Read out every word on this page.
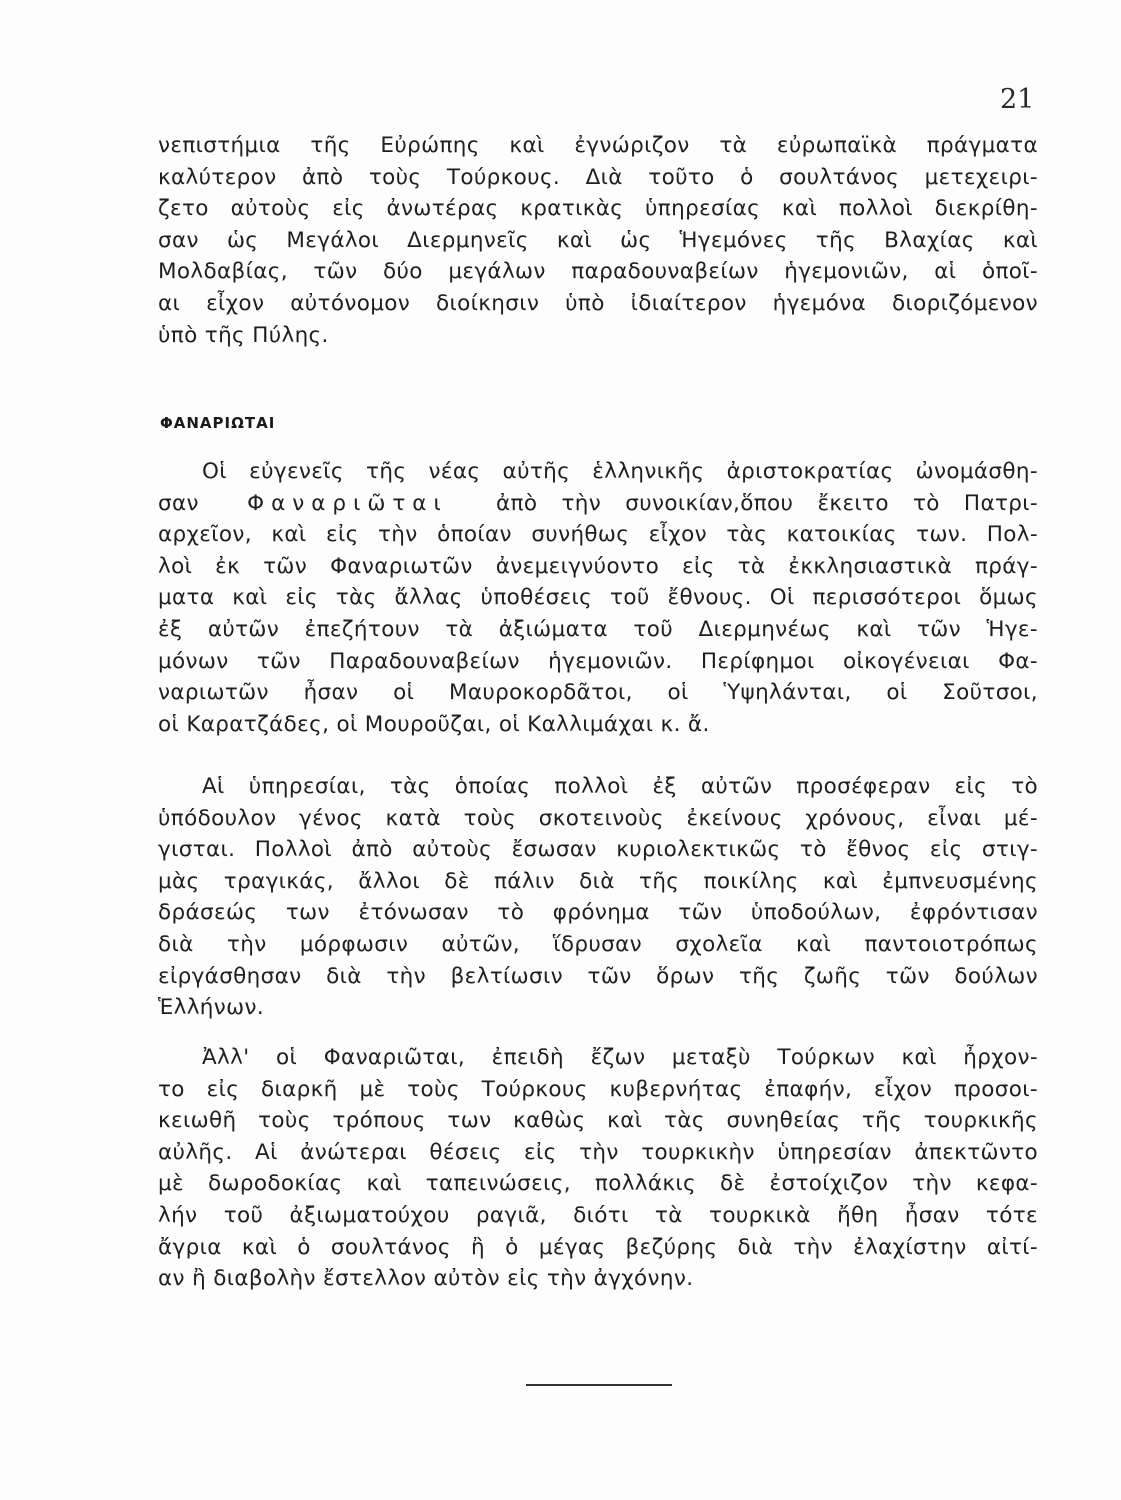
21
νεπιστήμια τῆς Εὐρώπης καὶ ἐγνώριζον τὰ εὐρωπαϊκὰ πράγματα
καλύτερον ἀπὸ τοὺς Τούρκους. Διὰ τοῦτο ὁ σουλτάνος μετεχειρι-
ζετο αὐτοὺς εἰς ἀνωτέρας κρατικὰς ὑπηρεσίας καὶ πολλοὶ διεκρίθη-
σαν ὡς Μεγάλοι Διερμηνεῖς καὶ ὡς Ἡγεμόνες τῆς Βλαχίας καὶ
Μολδαβίας, τῶν δύο μεγάλων παραδουναβείων ἡγεμονιῶν, αἱ ὁποῖ-
αι εἶχον αὐτόνομον διοίκησιν ὑπὸ ἰδιαίτερον ἡγεμόνα διοριζόμενον
ὑπὸ τῆς Πύλης.
ΦΑΝΑΡΙΩΤΑΙ
Οἱ εὐγενεῖς τῆς νέας αὐτῆς ἑλληνικῆς ἀριστοκρατίας ὠνομάσθη-
σαν Φαναριῶται ἀπὸ τὴν συνοικίαν,ὅπου ἔκειτο τὸ Πατρι-
αρχεῖον, καὶ εἰς τὴν ὁποίαν συνήθως εἶχον τὰς κατοικίας των. Πολ-
λοὶ ἐκ τῶν Φαναριωτῶν ἀνεμειγνύοντο εἰς τὰ ἐκκλησιαστικὰ πράγ-
ματα καὶ εἰς τὰς ἄλλας ὑποθέσεις τοῦ ἔθνους. Οἱ περισσότεροι ὅμως
ἐξ αὐτῶν ἐπεζήτουν τὰ ἀξιώματα τοῦ Διερμηνέως καὶ τῶν Ἡγε-
μόνων τῶν Παραδουναβείων ἡγεμονιῶν. Περίφημοι οἰκογένειαι Φα-
ναριωτῶν ἦσαν οἱ Μαυροκορδᾶτοι, οἱ Ὑψηλάνται, οἱ Σοῦτσοι,
οἱ Καρατζάδες, οἱ Μουροῦζαι, οἱ Καλλιμάχαι κ. ἄ.
Αἱ ὑπηρεσίαι, τὰς ὁποίας πολλοὶ ἐξ αὐτῶν προσέφεραν εἰς τὸ
ὑπόδουλον γένος κατὰ τοὺς σκοτεινοὺς ἐκείνους χρόνους, εἶναι μέ-
γισται. Πολλοὶ ἀπὸ αὐτοὺς ἔσωσαν κυριολεκτικῶς τὸ ἔθνος εἰς στιγ-
μὰς τραγικάς, ἄλλοι δὲ πάλιν διὰ τῆς ποικίλης καὶ ἐμπνευσμένης
δράσεώς των ἐτόνωσαν τὸ φρόνημα τῶν ὑποδούλων, ἐφρόντισαν
διὰ τὴν μόρφωσιν αὐτῶν, ἵδρυσαν σχολεῖα καὶ παντοιοτρόπως
εἰργάσθησαν διὰ τὴν βελτίωσιν τῶν ὅρων τῆς ζωῆς τῶν δούλων
Ἑλλήνων.
Ἀλλ' οἱ Φαναριῶται, ἐπειδὴ ἔζων μεταξὺ Τούρκων καὶ ἦρχον-
το εἰς διαρκῆ μὲ τοὺς Τούρκους κυβερνήτας ἐπαφήν, εἶχον προσοι-
κειωθῆ τοὺς τρόπους των καθὼς καὶ τὰς συνηθείας τῆς τουρκικῆς
αὐλῆς. Αἱ ἀνώτεραι θέσεις εἰς τὴν τουρκικὴν ὑπηρεσίαν ἀπεκτῶντο
μὲ δωροδοκίας καὶ ταπεινώσεις, πολλάκις δὲ ἐστοίχιζον τὴν κεφα-
λήν τοῦ ἀξιωματούχου ραγιᾶ, διότι τὰ τουρκικὰ ἤθη ἦσαν τότε
ἄγρια καὶ ὁ σουλτάνος ἢ ὁ μέγας βεζύρης διὰ τὴν ἐλαχίστην αἰτί-
αν ἢ διαβολὴν ἔστελλον αὐτὸν εἰς τὴν ἀγχόνην.
